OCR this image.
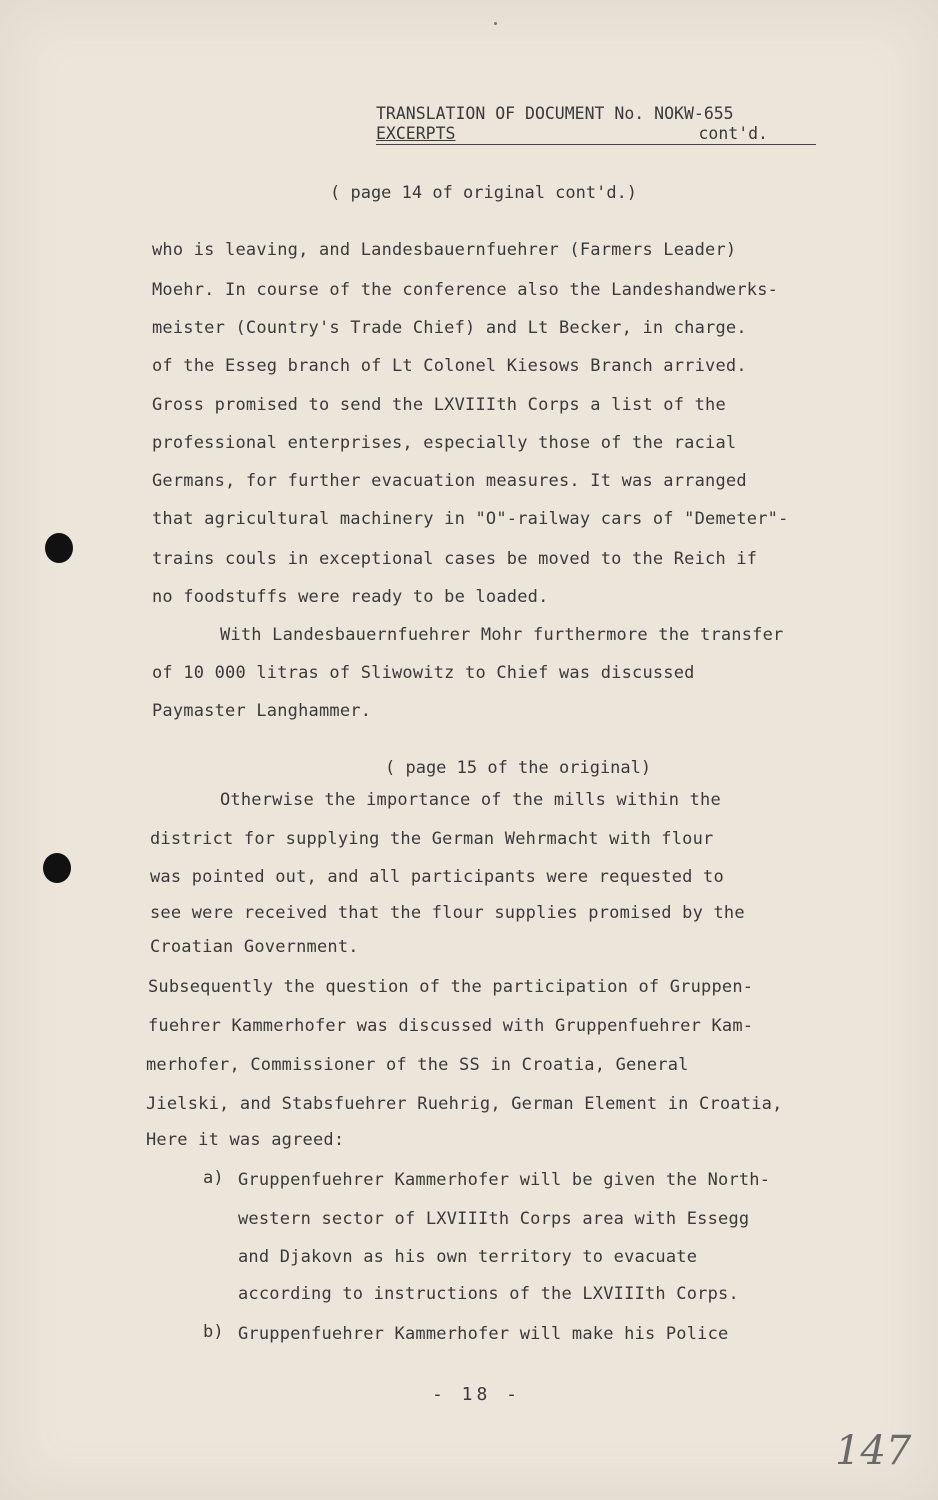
TRANSLATION OF DOCUMENT No. NOKW-655
EXCERPTS	cont'd.
( page 14 of original cont'd.)
who is leaving, and Landesbauernfuehrer (Farmers Leader)
Moehr. In course of the conference also the Landeshandwerks-
meister (Country's Trade Chief) and Lt Becker, in charge.
of the Esseg branch of Lt Colonel Kiesows Branch arrived.
Gross promised to send the LXVIIIth Corps a list of the
professional enterprises, especially those of the racial
Germans, for further evacuation measures. It was arranged
that agricultural machinery in "O"-railway cars of "Demeter"-
trains couls in exceptional cases be moved to the Reich if
no foodstuffs were ready to be loaded.
With Landesbauernfuehrer Mohr furthermore the transfer
of 10 000 litras of Sliwowitz to Chief was discussed
Paymaster Langhammer.
( page 15 of the original)
Otherwise the importance of the mills within the
district for supplying the German Wehrmacht with flour
was pointed out, and all participants were requested to
see were received that the flour supplies promised by the
Croatian Government.
Subsequently the question of the participation of Gruppen-
fuehrer Kammerhofer was discussed with Gruppenfuehrer Kam-
merhofer, Commissioner of the SS in Croatia, General
Jielski, and Stabsfuehrer Ruehrig, German Element in Croatia,
Here it was agreed:
a) Gruppenfuehrer Kammerhofer will be given the North-
western sector of LXVIIIth Corps area with Essegg
and Djakovn as his own territory to evacuate
according to instructions of the LXVIIIth Corps.
b) Gruppenfuehrer Kammerhofer will make his Police
- 18 -
147
